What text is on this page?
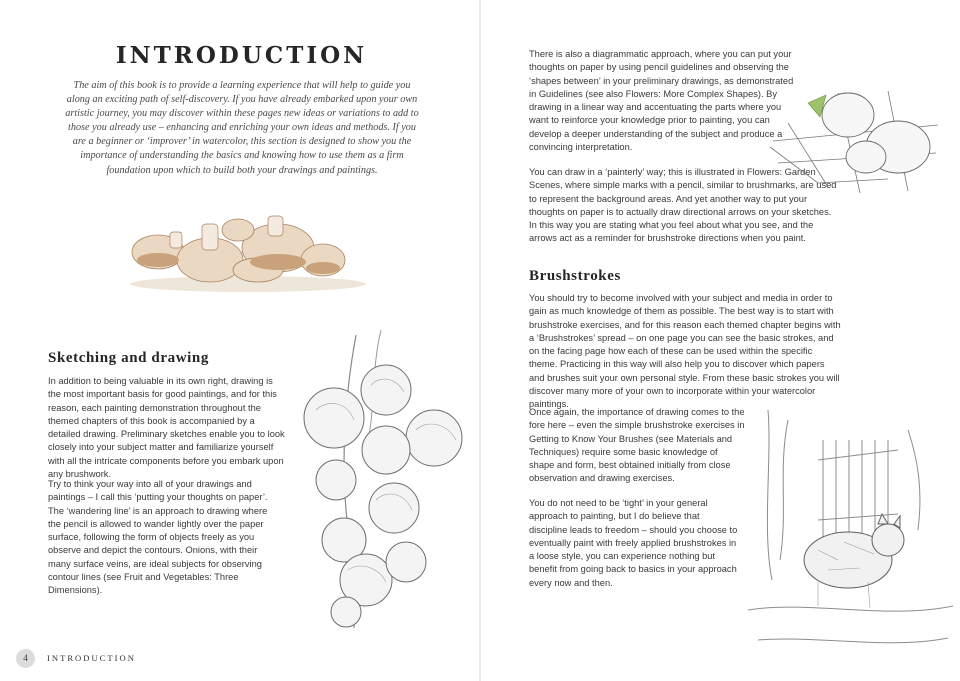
INTRODUCTION

The aim of this book is to provide a learning experience that will help to guide you along an exciting path of self-discovery. If you have already embarked upon your own artistic journey, you may discover within these pages new ideas or variations to add to those you already use – enhancing and enriching your own ideas and methods. If you are a beginner or ‘improver’ in watercolor, this section is designed to show you the importance of understanding the basics and knowing how to use them as a firm foundation upon which to build both your drawings and paintings.

Sketching and drawing

In addition to being valuable in its own right, drawing is the most important basis for good paintings, and for this reason, each painting demonstration throughout the themed chapters of this book is accompanied by a detailed drawing. Preliminary sketches enable you to look closely into your subject matter and familiarize yourself with all the intricate components before you embark upon any brushwork.

Try to think your way into all of your drawings and paintings – I call this ‘putting your thoughts on paper’. The ‘wandering line’ is an approach to drawing where the pencil is allowed to wander lightly over the paper surface, following the form of objects freely as you observe and depict the contours. Onions, with their many surface veins, are ideal subjects for observing contour lines (see Fruit and Vegetables: Three Dimensions).

4	INTRODUCTION

There is also a diagrammatic approach, where you can put your thoughts on paper by using pencil guidelines and observing the ‘shapes between’ in your preliminary drawings, as demonstrated in Guidelines (see also Flowers: More Complex Shapes). By drawing in a linear way and accentuating the parts where you want to reinforce your knowledge prior to painting, you can develop a deeper understanding of the subject and produce a convincing interpretation.

You can draw in a ‘painterly’ way; this is illustrated in Flowers: Garden Scenes, where simple marks with a pencil, similar to brushmarks, are used to represent the background areas. And yet another way to put your thoughts on paper is to actually draw directional arrows on your sketches. In this way you are stating what you feel about what you see, and the arrows act as a reminder for brushstroke directions when you paint.

Brushstrokes

You should try to become involved with your subject and media in order to gain as much knowledge of them as possible. The best way is to start with brushstroke exercises, and for this reason each themed chapter begins with a ‘Brushstrokes’ spread – on one page you can see the basic strokes, and on the facing page how each of these can be used within the specific theme. Practicing in this way will also help you to discover which papers and brushes suit your own personal style. From these basic strokes you will discover many more of your own to incorporate within your watercolor paintings.

Once again, the importance of drawing comes to the fore here – even the simple brushstroke exercises in Getting to Know Your Brushes (see Materials and Techniques) require some basic knowledge of shape and form, best obtained initially from close observation and drawing exercises.

You do not need to be ‘tight’ in your general approach to painting, but I do believe that discipline leads to freedom – should you choose to eventually paint with freely applied brushstrokes in a loose style, you can experience nothing but benefit from going back to basics in your approach every now and then.
